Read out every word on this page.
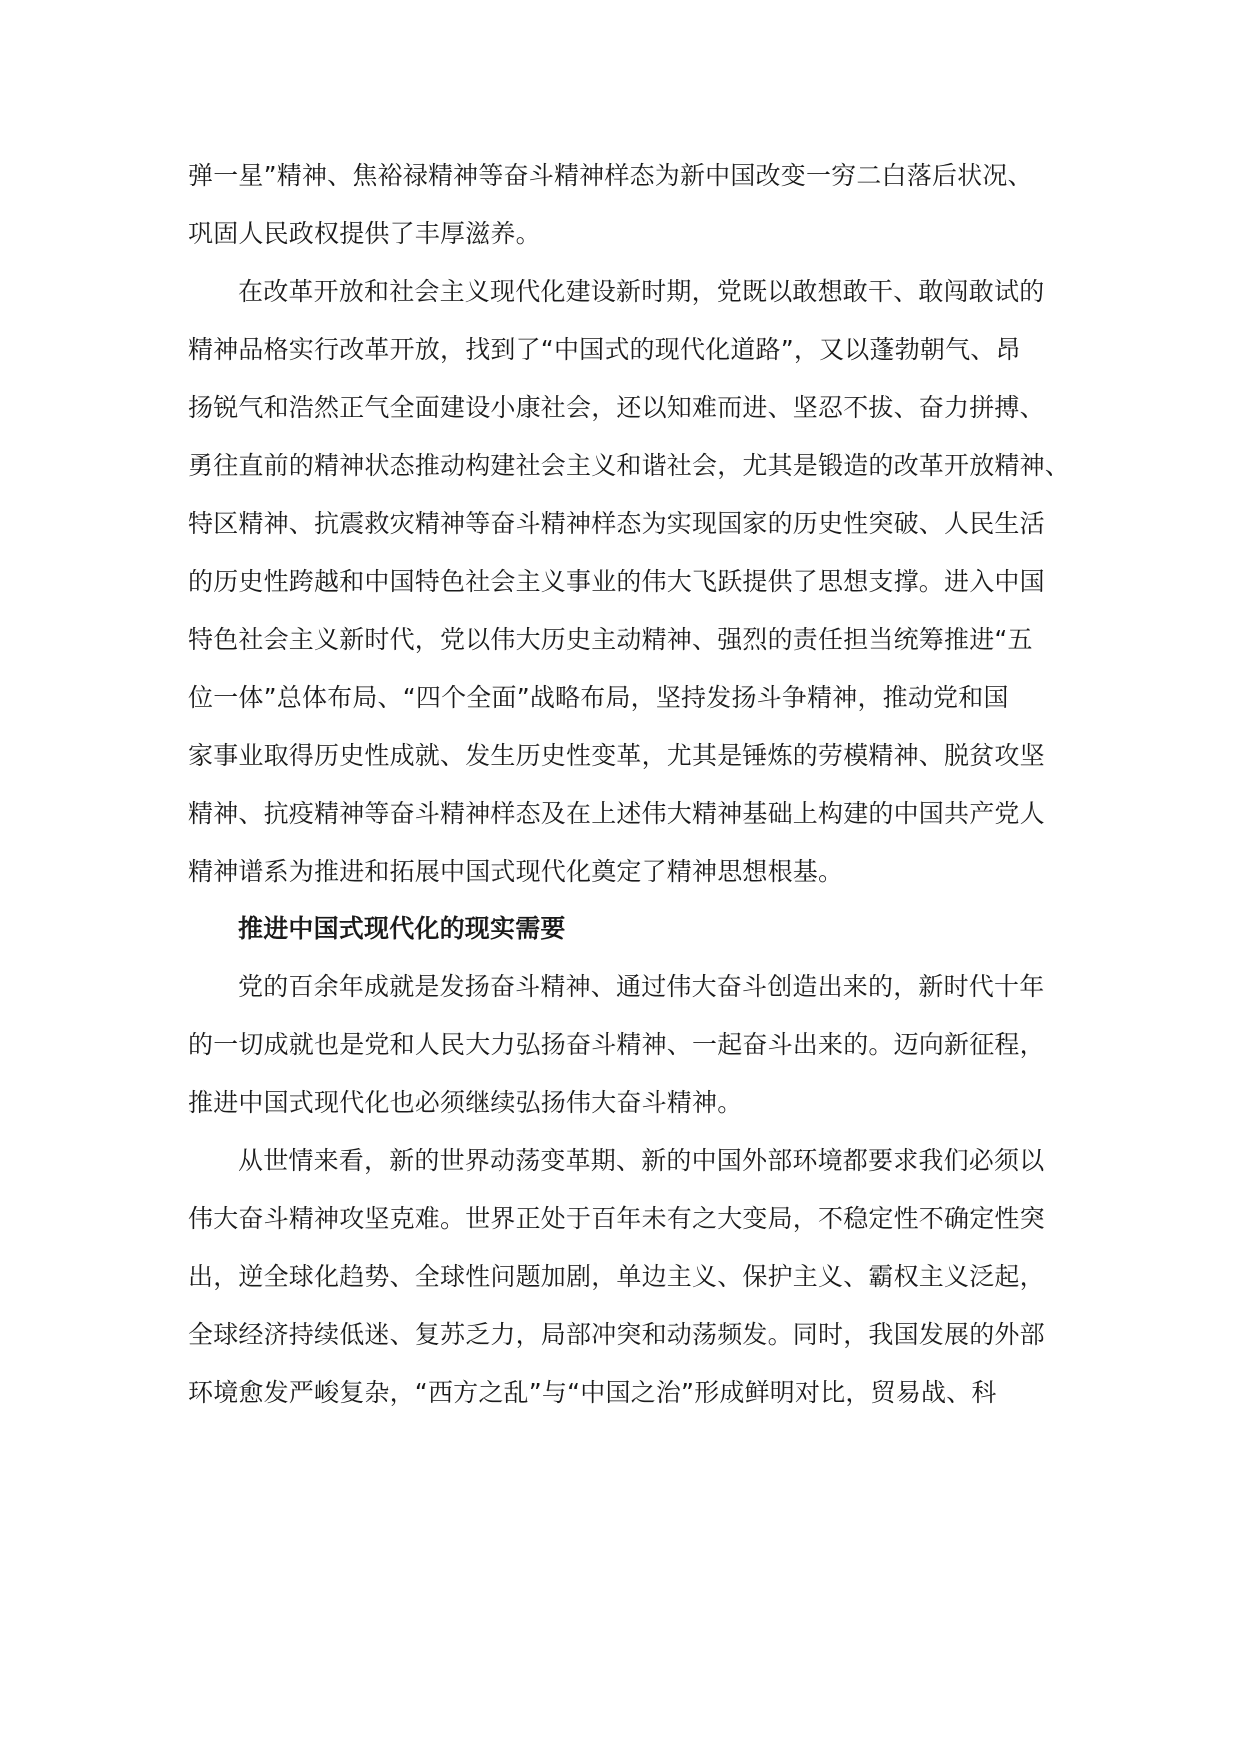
弹一星”精神、焦裕禄精神等奋斗精神样态为新中国改变一穷二白落后状况、
巩固人民政权提供了丰厚滋养。
在改革开放和社会主义现代化建设新时期，党既以敢想敢干、敢闯敢试的
精神品格实行改革开放，找到了“中国式的现代化道路”，又以蓬勃朝气、昂
扬锐气和浩然正气全面建设小康社会，还以知难而进、坚忍不拔、奋力拼搏、
勇往直前的精神状态推动构建社会主义和谐社会，尤其是锻造的改革开放精神、
特区精神、抗震救灾精神等奋斗精神样态为实现国家的历史性突破、人民生活
的历史性跨越和中国特色社会主义事业的伟大飞跃提供了思想支撑。进入中国
特色社会主义新时代，党以伟大历史主动精神、强烈的责任担当统筹推进“五
位一体”总体布局、“四个全面”战略布局，坚持发扬斗争精神，推动党和国
家事业取得历史性成就、发生历史性变革，尤其是锤炼的劳模精神、脱贫攻坚
精神、抗疫精神等奋斗精神样态及在上述伟大精神基础上构建的中国共产党人
精神谱系为推进和拓展中国式现代化奠定了精神思想根基。
推进中国式现代化的现实需要
党的百余年成就是发扬奋斗精神、通过伟大奋斗创造出来的，新时代十年
的一切成就也是党和人民大力弘扬奋斗精神、一起奋斗出来的。迈向新征程，
推进中国式现代化也必须继续弘扬伟大奋斗精神。
从世情来看，新的世界动荡变革期、新的中国外部环境都要求我们必须以
伟大奋斗精神攻坚克难。世界正处于百年未有之大变局，不稳定性不确定性突
出，逆全球化趋势、全球性问题加剧，单边主义、保护主义、霸权主义泛起，
全球经济持续低迷、复苏乏力，局部冲突和动荡频发。同时，我国发展的外部
环境愈发严峻复杂，“西方之乱”与“中国之治”形成鲜明对比，贸易战、科
